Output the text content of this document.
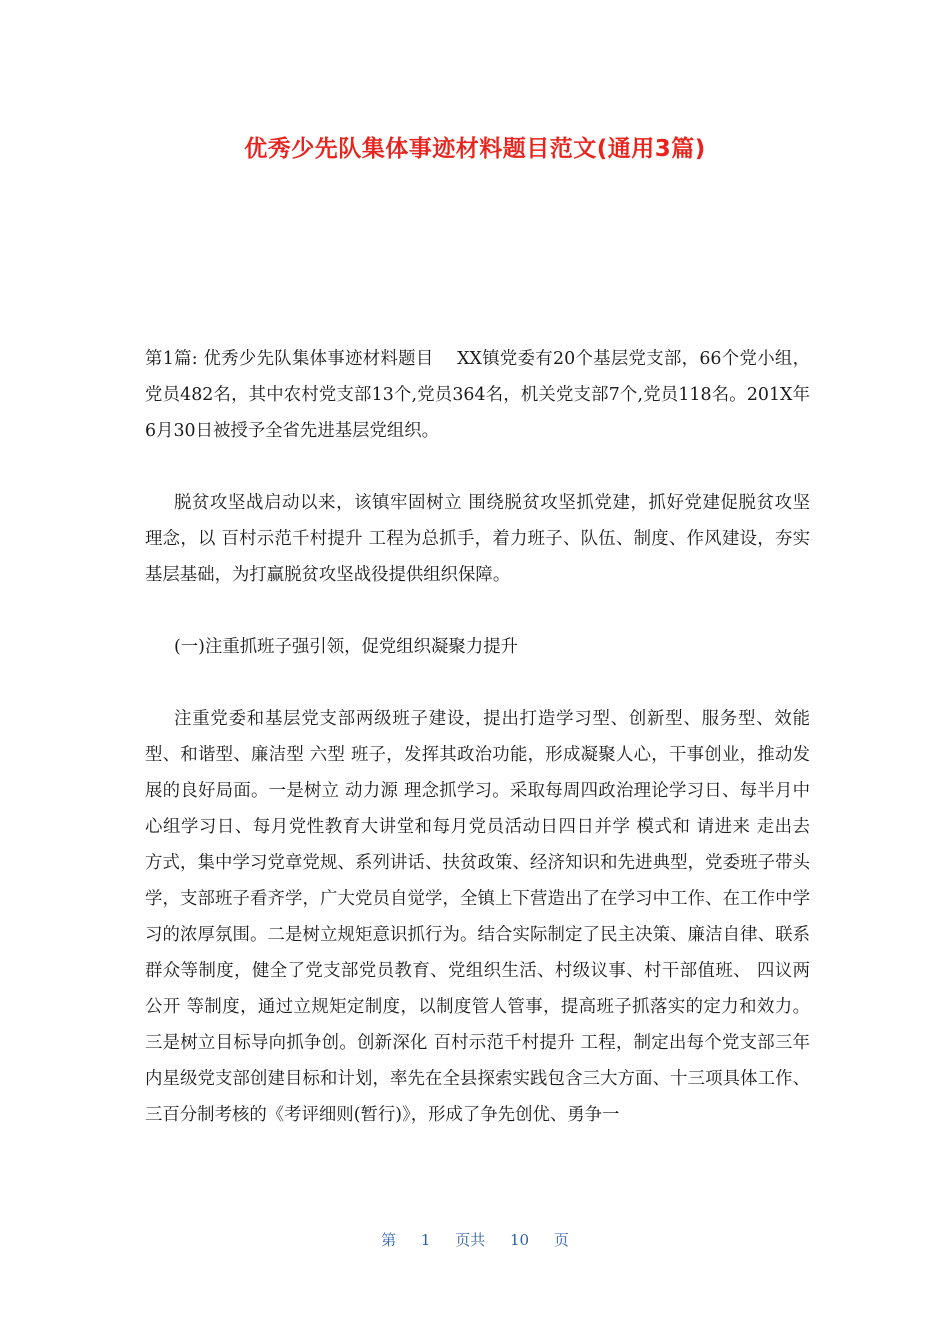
优秀少先队集体事迹材料题目范文(通用3篇)

第1篇: 优秀少先队集体事迹材料题目　 XX镇党委有20个基层党支部，66个党小组，党员482名，其中农村党支部13个,党员364名，机关党支部7个,党员118名。201X年6月30日被授予全省先进基层党组织。

脱贫攻坚战启动以来，该镇牢固树立 围绕脱贫攻坚抓党建，抓好党建促脱贫攻坚 理念，以 百村示范千村提升 工程为总抓手，着力班子、队伍、制度、作风建设，夯实基层基础，为打赢脱贫攻坚战役提供组织保障。

(一)注重抓班子强引领，促党组织凝聚力提升

注重党委和基层党支部两级班子建设，提出打造学习型、创新型、服务型、效能型、和谐型、廉洁型 六型 班子，发挥其政治功能，形成凝聚人心，干事创业，推动发展的良好局面。一是树立 动力源 理念抓学习。采取每周四政治理论学习日、每半月中心组学习日、每月党性教育大讲堂和每月党员活动日四日并学 模式和 请进来 走出去 方式，集中学习党章党规、系列讲话、扶贫政策、经济知识和先进典型，党委班子带头学，支部班子看齐学，广大党员自觉学，全镇上下营造出了在学习中工作、在工作中学习的浓厚氛围。二是树立规矩意识抓行为。结合实际制定了民主决策、廉洁自律、联系群众等制度，健全了党支部党员教育、党组织生活、村级议事、村干部值班、 四议两公开 等制度，通过立规矩定制度，以制度管人管事，提高班子抓落实的定力和效力。三是树立目标导向抓争创。创新深化 百村示范千村提升 工程，制定出每个党支部三年内星级党支部创建目标和计划，率先在全县探索实践包含三大方面、十三项具体工作、三百分制考核的《考评细则(暂行)》，形成了争先创优、勇争一

第 1 页共 10 页
